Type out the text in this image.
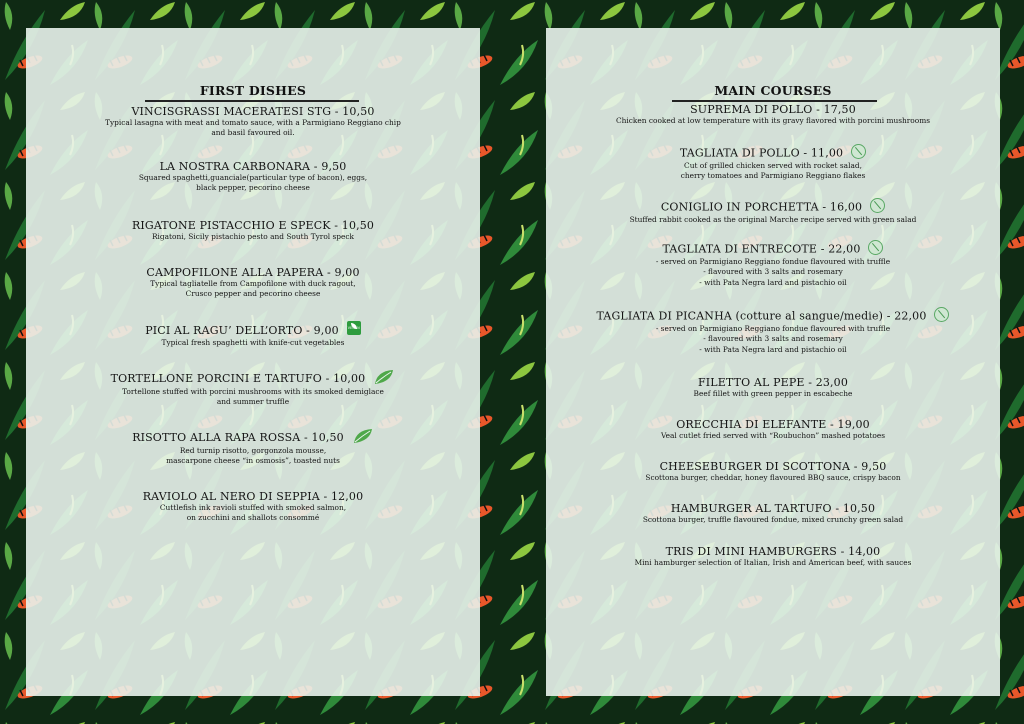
FIRST DISHES
VINCISGRASSI MACERATESI STG - 10,50
Typical lasagna with meat and tomato sauce, with a Parmigiano Reggiano chip
and basil favoured oil.
LA NOSTRA CARBONARA - 9,50
Squared spaghetti,guanciale(particular type of bacon), eggs,
black pepper, pecorino cheese
RIGATONE PISTACCHIO E SPECK - 10,50
Rigatoni, Sicily pistachio pesto and South Tyrol speck
CAMPOFILONE ALLA PAPERA - 9,00
Typical tagliatelle from Campofilone with duck ragout,
Crusco pepper and pecorino cheese
PICI AL RAGU’ DELL’ORTO - 9,00VEGAN
Typical fresh spaghetti with knife-cut vegetables
TORTELLONE PORCINI E TARTUFO - 10,00
Tortellone stuffed with porcini mushrooms with its smoked demiglace
and summer truffle
RISOTTO ALLA RAPA ROSSA - 10,50
Red turnip risotto, gorgonzola mousse,
mascarpone cheese “in osmosis”, toasted nuts
RAVIOLO AL NERO DI SEPPIA - 12,00
Cuttlefish ink ravioli stuffed with smoked salmon,
on zucchini and shallots consommé
MAIN COURSES
SUPREMA DI POLLO - 17,50
Chicken cooked at low temperature with its gravy flavored with porcini mushrooms
TAGLIATA DI POLLO - 11,00
Cut of grilled chicken served with rocket salad,
cherry tomatoes and Parmigiano Reggiano flakes
CONIGLIO IN PORCHETTA - 16,00
Stuffed rabbit cooked as the original Marche recipe served with green salad
TAGLIATA DI ENTRECOTE - 22,00
- served on Parmigiano Reggiano fondue flavoured with truffle
- flavoured with 3 salts and rosemary
- with Pata Negra lard and pistachio oil
TAGLIATA DI PICANHA (cotture al sangue/medie) - 22,00
- served on Parmigiano Reggiano fondue flavoured with truffle
- flavoured with 3 salts and rosemary
- with Pata Negra lard and pistachio oil
FILETTO AL PEPE - 23,00
Beef fillet with green pepper in escabeche
ORECCHIA DI ELEFANTE - 19,00
Veal cutlet fried served with “Roubuchon” mashed potatoes
CHEESEBURGER DI SCOTTONA - 9,50
Scottona burger, cheddar, honey flavoured BBQ sauce, crispy bacon
HAMBURGER AL TARTUFO - 10,50
Scottona burger, truffle flavoured fondue, mixed crunchy green salad
TRIS DI MINI HAMBURGERS - 14,00
Mini hamburger selection of Italian, Irish and American beef, with sauces
